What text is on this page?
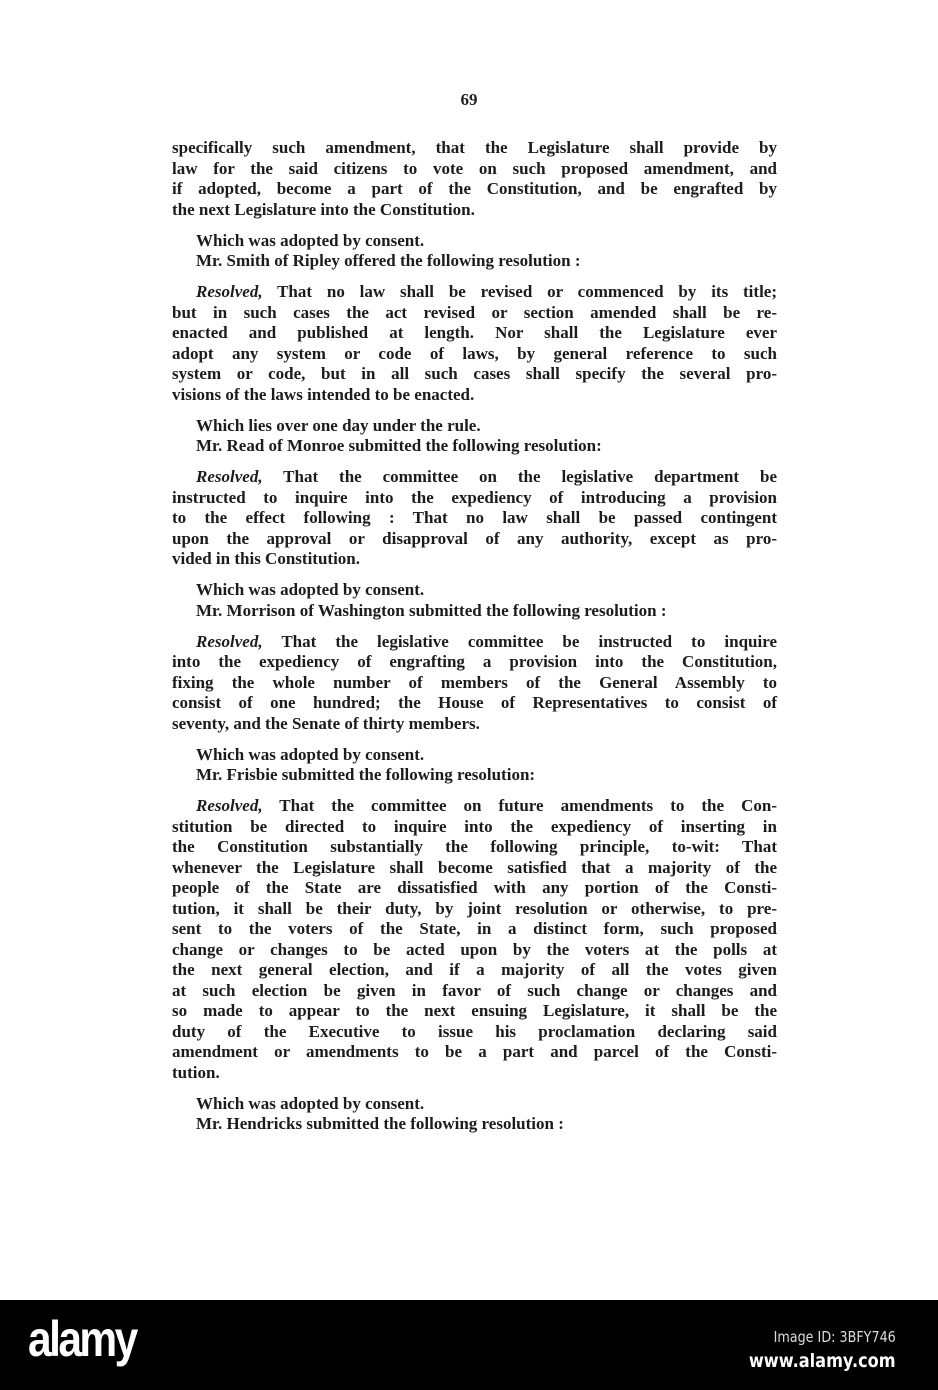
69
specifically such amendment, that the Legislature shall provide by
law for the said citizens to vote on such proposed amendment, and
if adopted, become a part of the Constitution, and be engrafted by
the next Legislature into the Constitution.
Which was adopted by consent.
Mr. Smith of Ripley offered the following resolution :
Resolved, That no law shall be revised or commenced by its title;
but in such cases the act revised or section amended shall be re-
enacted and published at length. Nor shall the Legislature ever
adopt any system or code of laws, by general reference to such
system or code, but in all such cases shall specify the several pro-
visions of the laws intended to be enacted.
Which lies over one day under the rule.
Mr. Read of Monroe submitted the following resolution:
Resolved, That the committee on the legislative department be
instructed to inquire into the expediency of introducing a provision
to the effect following : That no law shall be passed contingent
upon the approval or disapproval of any authority, except as pro-
vided in this Constitution.
Which was adopted by consent.
Mr. Morrison of Washington submitted the following resolution :
Resolved, That the legislative committee be instructed to inquire
into the expediency of engrafting a provision into the Constitution,
fixing the whole number of members of the General Assembly to
consist of one hundred; the House of Representatives to consist of
seventy, and the Senate of thirty members.
Which was adopted by consent.
Mr. Frisbie submitted the following resolution:
Resolved, That the committee on future amendments to the Con-
stitution be directed to inquire into the expediency of inserting in
the Constitution substantially the following principle, to-wit: That
whenever the Legislature shall become satisfied that a majority of the
people of the State are dissatisfied with any portion of the Consti-
tution, it shall be their duty, by joint resolution or otherwise, to pre-
sent to the voters of the State, in a distinct form, such proposed
change or changes to be acted upon by the voters at the polls at
the next general election, and if a majority of all the votes given
at such election be given in favor of such change or changes and
so made to appear to the next ensuing Legislature, it shall be the
duty of the Executive to issue his proclamation declaring said
amendment or amendments to be a part and parcel of the Consti-
tution.
Which was adopted by consent.
Mr. Hendricks submitted the following resolution :
alamy	Image ID: 3BFY746
www.alamy.com
